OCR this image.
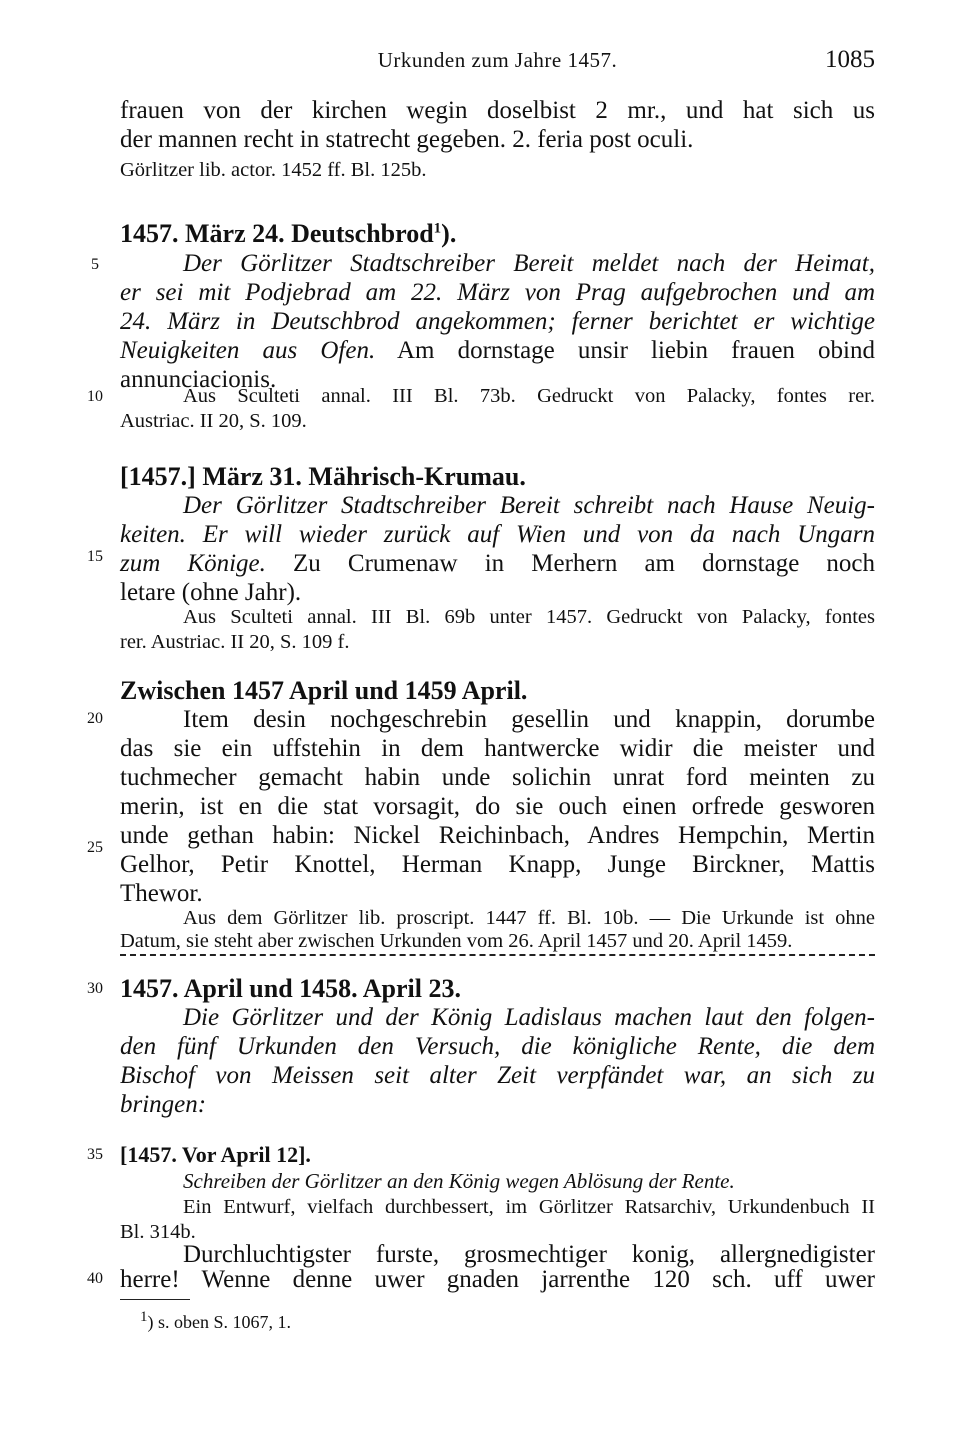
Urkunden zum Jahre 1457.	1085
5
10
15
20
25
30
35
40
frauen von der kirchen wegin doselbist 2 mr., und hat sich us
der mannen recht in statrecht gegeben. 2. feria post oculi.
Görlitzer lib. actor. 1452 ff. Bl. 125b.
1457. März 24. Deutschbrod$^1$).
Der Görlitzer Stadtschreiber Bereit meldet nach der Heimat,
er sei mit Podjebrad am 22. März von Prag aufgebrochen und am
24. März in Deutschbrod angekommen; ferner berichtet er wichtige
Neuigkeiten aus Ofen. Am dornstage unsir liebin frauen obind
annunciacionis.
Aus Sculteti annal. III Bl. 73b. Gedruckt von Palacky, fontes rer.
Austriac. II 20, S. 109.
[1457.] März 31. Mährisch-Krumau.
Der Görlitzer Stadtschreiber Bereit schreibt nach Hause Neuig-
keiten. Er will wieder zurück auf Wien und von da nach Ungarn
zum Könige. Zu Crumenaw in Merhern am dornstage noch
letare (ohne Jahr).
Aus Sculteti annal. III Bl. 69b unter 1457. Gedruckt von Palacky, fontes
rer. Austriac. II 20, S. 109 f.
Zwischen 1457 April und 1459 April.
Item desin nochgeschrebin gesellin und knappin, dorumbe
das sie ein uffstehin in dem hantwercke widir die meister und
tuchmecher gemacht habin unde solichin unrat ford meinten zu
merin, ist en die stat vorsagit, do sie ouch einen orfrede gesworen
unde gethan habin: Nickel Reichinbach, Andres Hempchin, Mertin
Gelhor, Petir Knottel, Herman Knapp, Junge Birckner, Mattis
Thewor.
Aus dem Görlitzer lib. proscript. 1447 ff. Bl. 10b. — Die Urkunde ist ohne
Datum, sie steht aber zwischen Urkunden vom 26. April 1457 und 20. April 1459.
1457. April und 1458. April 23.
Die Görlitzer und der König Ladislaus machen laut den folgen-
den fünf Urkunden den Versuch, die königliche Rente, die dem
Bischof von Meissen seit alter Zeit verpfändet war, an sich zu
bringen:
[1457. Vor April 12].
Schreiben der Görlitzer an den König wegen Ablösung der Rente.
Ein Entwurf, vielfach durchbessert, im Görlitzer Ratsarchiv, Urkundenbuch II
Bl. 314b.
Durchluchtigster furste, grosmechtiger konig, allergnedigister
herre! Wenne denne uwer gnaden jarrenthe 120 sch. uff uwer
$^1$) s. oben S. 1067, 1.
